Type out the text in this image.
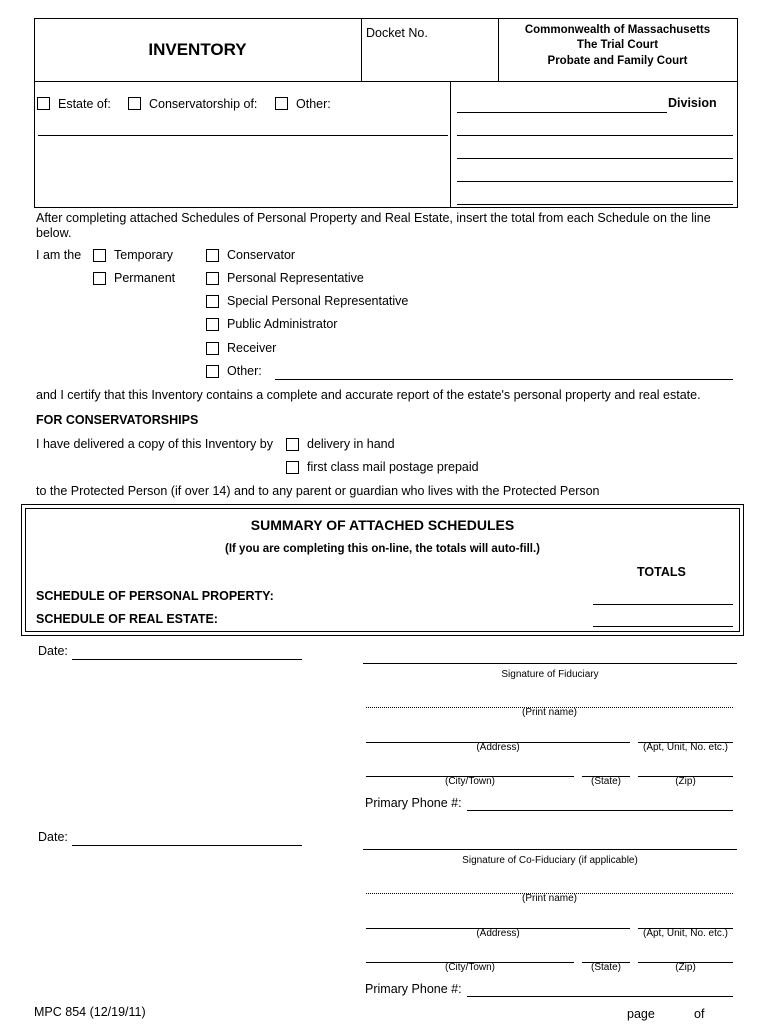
INVENTORY
Docket No.	Commonwealth of Massachusetts
The Trial Court
Probate and Family Court
Estate of:	Conservatorship of:	Other:	Division
After completing attached Schedules of Personal Property and Real Estate, insert the total from each Schedule on the line below.
I am the	Temporary
Permanent
Conservator
Personal Representative
Special Personal Representative
Public Administrator
Receiver
Other:
and I certify that this Inventory contains a complete and accurate report of the estate's personal property and real estate.
FOR CONSERVATORSHIPS
I have delivered a copy of this Inventory by	delivery in hand
first class mail postage prepaid
to the Protected Person (if over 14) and to any parent or guardian who lives with the Protected Person
SUMMARY OF ATTACHED SCHEDULES
(If you are completing this on-line, the totals will auto-fill.)
TOTALS
SCHEDULE OF PERSONAL PROPERTY:
SCHEDULE OF REAL ESTATE:
Date:
Signature of Fiduciary
(Print name)
(Address)	(Apt, Unit, No. etc.)
(City/Town)	(State)	(Zip)
Primary Phone #:
Date:
Signature of Co-Fiduciary (if applicable)
(Print name)
(Address)	(Apt, Unit, No. etc.)
(City/Town)	(State)	(Zip)
Primary Phone #:
MPC 854 (12/19/11)	page	of
